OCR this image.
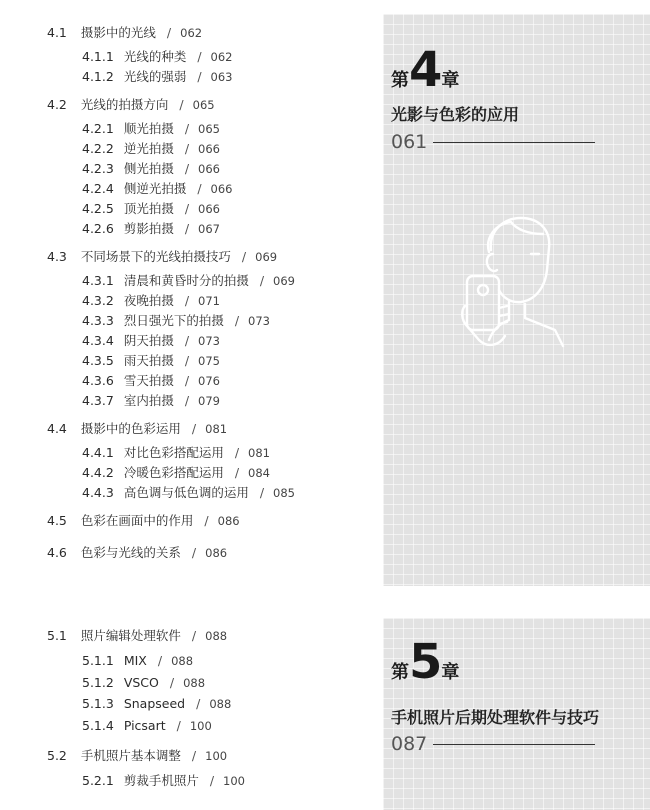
4.1 摄影中的光线 / 062
4.1.1 光线的种类 / 062
4.1.2 光线的强弱 / 063
4.2 光线的拍摄方向 / 065
4.2.1 顺光拍摄 / 065
4.2.2 逆光拍摄 / 066
4.2.3 侧光拍摄 / 066
4.2.4 侧逆光拍摄 / 066
4.2.5 顶光拍摄 / 066
4.2.6 剪影拍摄 / 067
4.3 不同场景下的光线拍摄技巧 / 069
4.3.1 清晨和黄昏时分的拍摄 / 069
4.3.2 夜晚拍摄 / 071
4.3.3 烈日强光下的拍摄 / 073
4.3.4 阴天拍摄 / 073
4.3.5 雨天拍摄 / 075
4.3.6 雪天拍摄 / 076
4.3.7 室内拍摄 / 079
4.4 摄影中的色彩运用 / 081
4.4.1 对比色彩搭配运用 / 081
4.4.2 冷暖色彩搭配运用 / 084
4.4.3 高色调与低色调的运用 / 085
4.5 色彩在画面中的作用 / 086
4.6 色彩与光线的关系 / 086
5.1 照片编辑处理软件 / 088
5.1.1 MIX / 088
5.1.2 VSCO / 088
5.1.3 Snapseed / 088
5.1.4 Picsart / 100
5.2 手机照片基本调整 / 100
5.2.1 剪裁手机照片 / 100
第4章
光影与色彩的应用
061
第5章
手机照片后期处理软件与技巧
087
